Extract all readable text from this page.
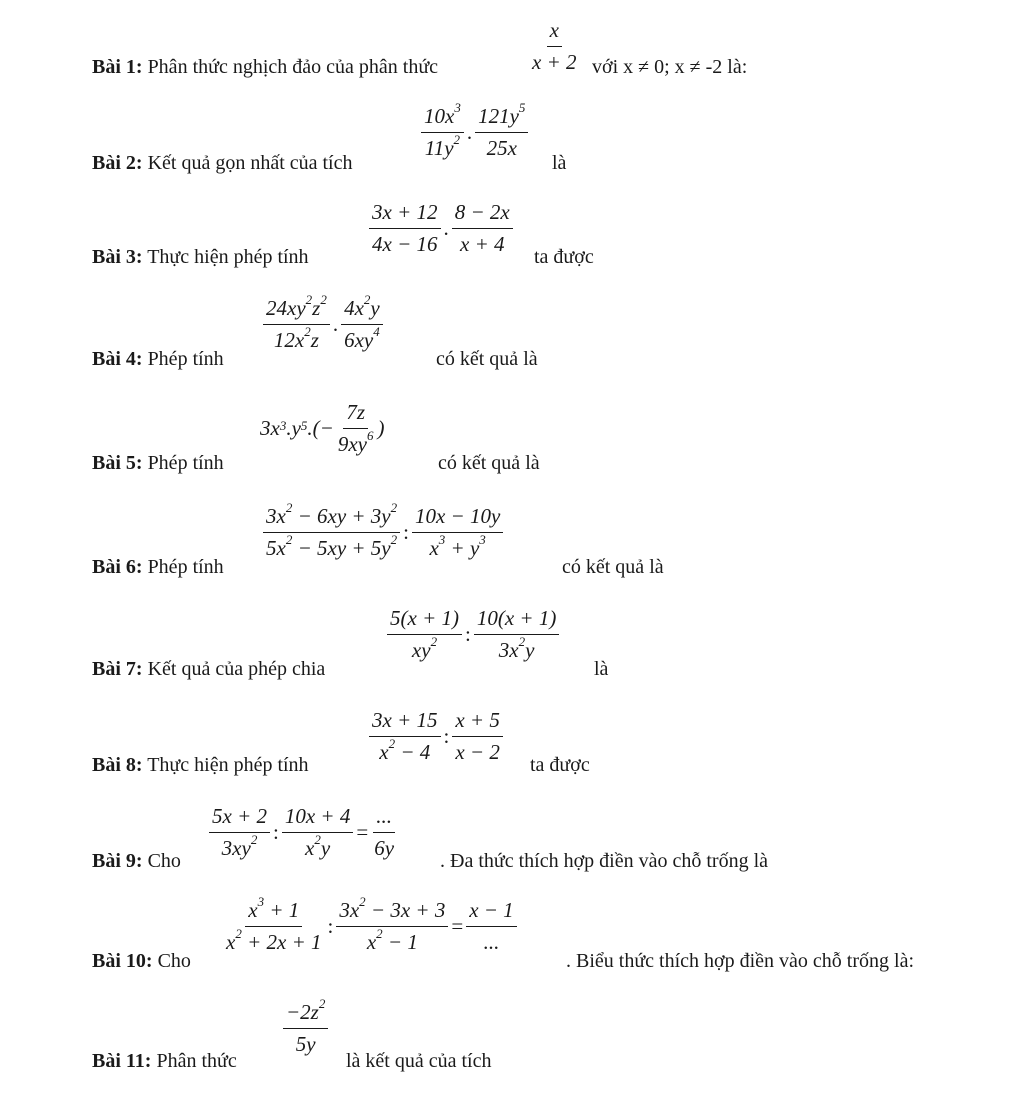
$\frac{x}{x + 2}$
Bài 1: Phân thức nghịch đảo của phân thức	với x ≠ 0; x ≠ -2 là:
$\frac{10x^3}{11y^2}$ . $\frac{121y^5}{25x}$
Bài 2: Kết quả gọn nhất của tích	là
$\frac{3x + 12}{4x - 16}$ . $\frac{8 - 2x}{x + 4}$
Bài 3: Thực hiện phép tính	ta được
$\frac{24xy^2z^2}{12x^2z}$ . $\frac{4x^2y}{6xy^4}$
Bài 4: Phép tính	có kết quả là
$3x^3$ $.y^5$ .(− $\frac{7z}{9xy^6}$ )
Bài 5: Phép tính	có kết quả là
$\frac{3x^2 - 6xy + 3y^2}{5x^2 - 5xy + 5y^2}$ : $\frac{10x - 10y}{x^3 + y^3}$
Bài 6: Phép tính	có kết quả là
$\frac{5(x + 1)}{xy^2}$ : $\frac{10(x + 1)}{3x^2y}$
Bài 7: Kết quả của phép chia	là
$\frac{3x + 15}{x^2 - 4}$ : $\frac{x + 5}{x - 2}$
Bài 8: Thực hiện phép tính	ta được
$\frac{5x + 2}{3xy^2}$ : $\frac{10x + 4}{x^2y} = \frac{...}{6y}$
Bài 9: Cho	. Đa thức thích hợp điền vào chỗ trống là
$\frac{x^3 + 1}{x^2 + 2x + 1}$ : $\frac{3x^2 - 3x + 3}{x^2 - 1} = \frac{x - 1}{...}$
Bài 10: Cho	. Biểu thức thích hợp điền vào chỗ trống là:
$\frac{-2z^2}{5y}$
Bài 11: Phân thức	là kết quả của tích
